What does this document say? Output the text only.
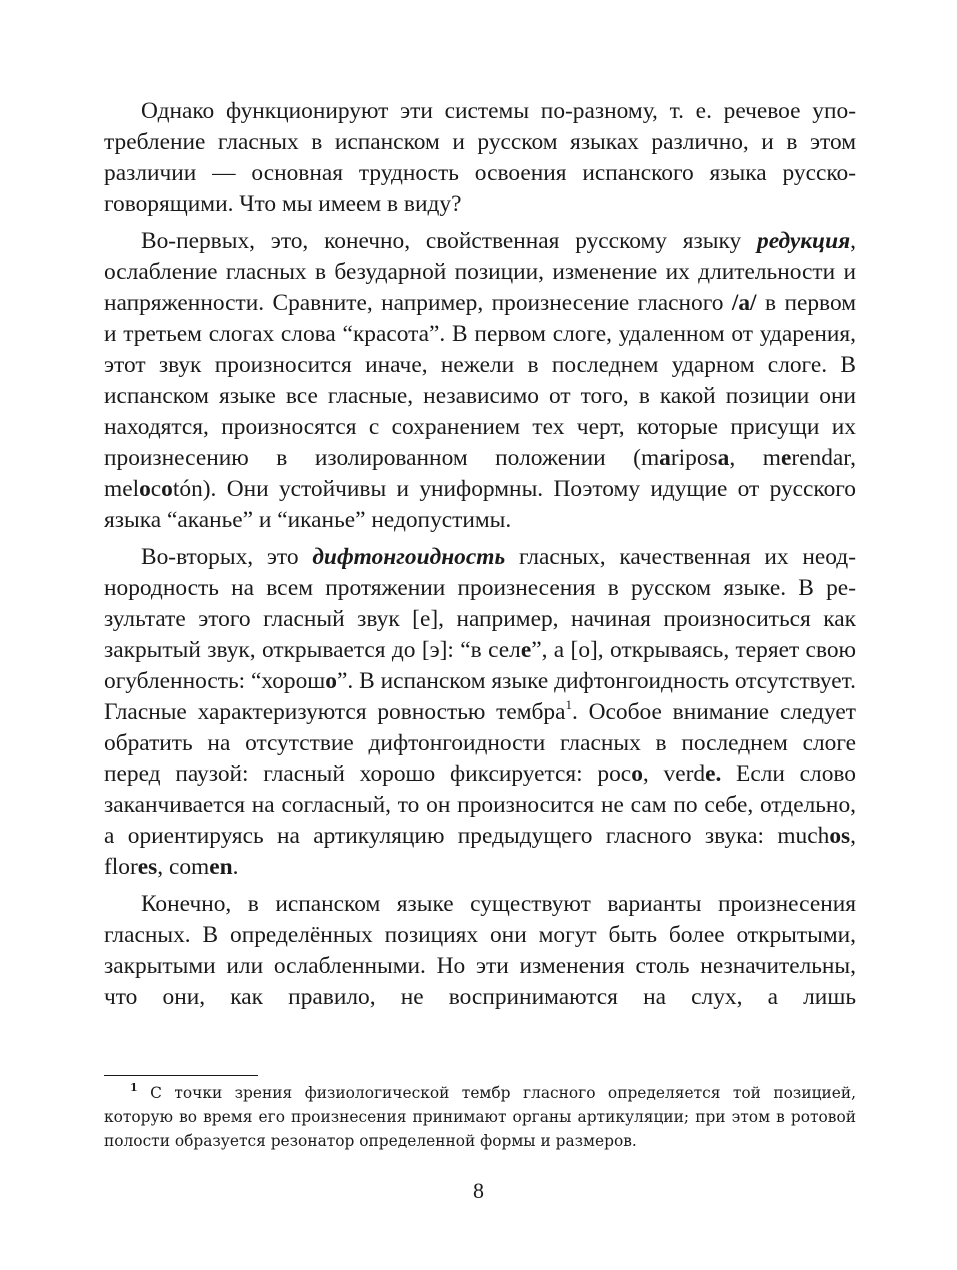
Однако функционируют эти системы по-разному, т. е. речевое употребление гласных в испанском и русском языках различно, и в этом различии — основная трудность освоения испанского языка русскоговорящими. Что мы имеем в виду?

Во-первых, это, конечно, свойственная русскому языку редукция, ослабление гласных в безударной позиции, изменение их длительности и напряженности. Сравните, например, произнесение гласного /a/ в первом и третьем слогах слова “красота”. В первом слоге, удаленном от ударения, этот звук произносится иначе, нежели в последнем ударном слоге. В испанском языке все гласные, независимо от того, в какой позиции они находятся, произносятся с сохранением тех черт, которые присущи их произнесению в изолированном положении (mariposa, merendar, melocotón). Они устойчивы и униформны. Поэтому идущие от русского языка “аканье” и “иканье” недопустимы.

Во-вторых, это дифтонгоидность гласных, качественная их неоднородность на всем протяжении произнесения в русском языке. В результате этого гласный звук [е], например, начиная произноситься как закрытый звук, открывается до [э]: “в селе”, а [о], открываясь, теряет свою огубленность: “хорошо”. В испанском языке дифтонгоидность отсутствует. Гласные характеризуются ровностью тембра$^1$. Особое внимание следует обратить на отсутствие дифтонгоидности гласных в последнем слоге перед паузой: гласный хорошо фиксируется: poco, verde. Если слово заканчивается на согласный, то он произносится не сам по себе, отдельно, а ориентируясь на артикуляцию предыдущего гласного звука: muchos, flores, comen.

Конечно, в испанском языке существуют варианты произнесения гласных. В определённых позициях они могут быть более открытыми, закрытыми или ослабленными. Но эти изменения столь незначительны, что они, как правило, не воспринимаются на слух, а лишь

$^1$ С точки зрения физиологической тембр гласного определяется той позицией, которую во время его произнесения принимают органы артикуляции; при этом в ротовой полости образуется резонатор определенной формы и размеров.
8
